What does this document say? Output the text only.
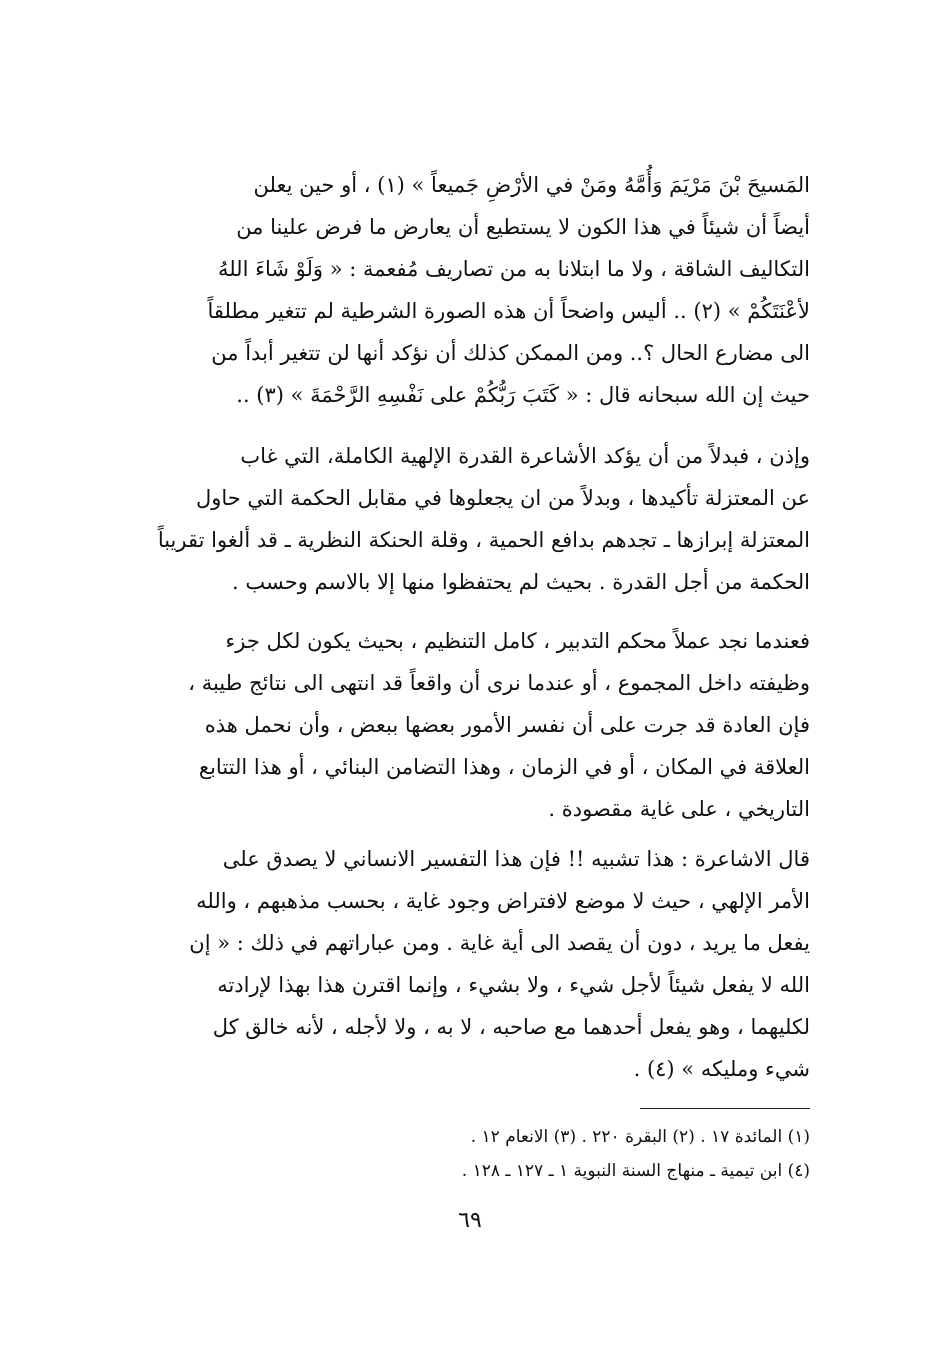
المَسيحَ بْنَ مَرْيَمَ وَأُمَّهُ ومَنْ في الأرْضِ جَميعاً » (١) ، أو حين يعلن
أيضاً أن شيئاً في هذا الكون لا يستطيع أن يعارض ما فرض علينا من
التكاليف الشاقة ، ولا ما ابتلانا به من تصاريف مُفعمة : « وَلَوْ شَاءَ اللهُ
لأعْنَتَكُمْ » (٢) .. أليس واضحاً أن هذه الصورة الشرطية لم تتغير مطلقاً
الى مضارع الحال ؟.. ومن الممكن كذلك أن نؤكد أنها لن تتغير أبداً من
حيث إن الله سبحانه قال : « كَتَبَ رَبُّكُمْ على نَفْسِهِ الرَّحْمَةَ » (٣) ..
وإذن ، فبدلاً من أن يؤكد الأشاعرة القدرة الإلهية الكاملة، التي غاب
عن المعتزلة تأكيدها ، وبدلاً من ان يجعلوها في مقابل الحكمة التي حاول
المعتزلة إبرازها ـ تجدهم بدافع الحمية ، وقلة الحنكة النظرية ـ قد ألغوا تقريباً
الحكمة من أجل القدرة . بحيث لم يحتفظوا منها إلا بالاسم وحسب .
فعندما نجد عملاً محكم التدبير ، كامل التنظيم ، بحيث يكون لكل جزء
وظيفته داخل المجموع ، أو عندما نرى أن واقعاً قد انتهى الى نتائج طيبة ،
فإن العادة قد جرت على أن نفسر الأمور بعضها ببعض ، وأن نحمل هذه
العلاقة في المكان ، أو في الزمان ، وهذا التضامن البنائي ، أو هذا التتابع
التاريخي ، على غاية مقصودة .
قال الاشاعرة : هذا تشبيه !! فإن هذا التفسير الانساني لا يصدق على
الأمر الإلهي ، حيث لا موضع لافتراض وجود غاية ، بحسب مذهبهم ، والله
يفعل ما يريد ، دون أن يقصد الى أية غاية . ومن عباراتهم في ذلك : « إن
الله لا يفعل شيئاً لأجل شيء ، ولا بشيء ، وإنما اقترن هذا بهذا لإرادته
لكليهما ، وهو يفعل أحدهما مع صاحبه ، لا به ، ولا لأجله ، لأنه خالق كل
شيء ومليكه » (٤) .
(١) المائدة ١٧ . (٢) البقرة ٢٢٠ . (٣) الانعام ١٢ .
(٤) ابن تيمية ـ منهاج السنة النبوية ١ ـ ١٢٧ ـ ١٢٨ .
٦٩
